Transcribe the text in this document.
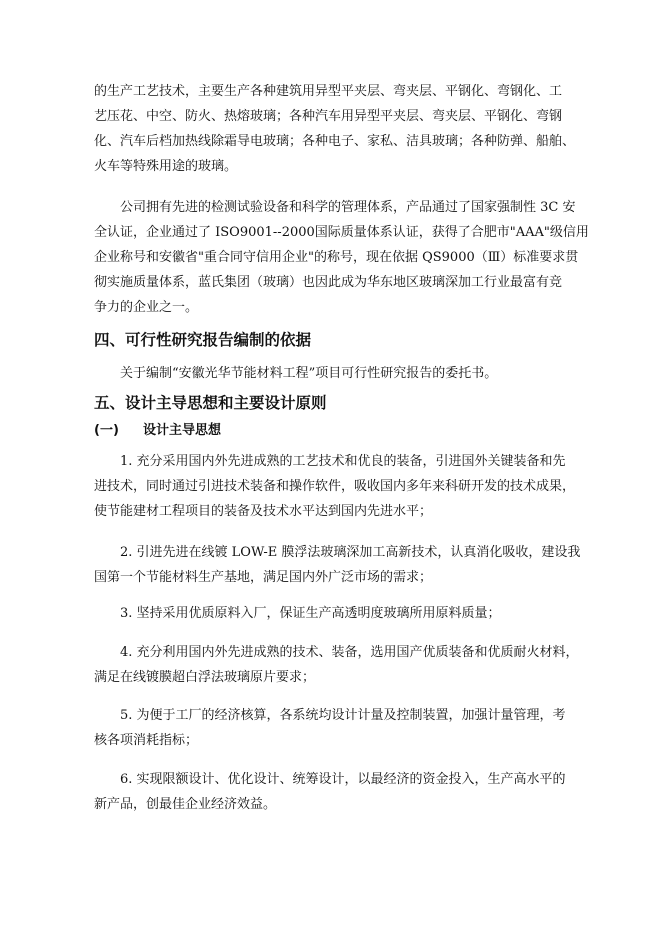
的生产工艺技术，主要生产各种建筑用异型平夹层、弯夹层、平钢化、弯钢化、工
艺压花、中空、防火、热熔玻璃；各种汽车用异型平夹层、弯夹层、平钢化、弯钢
化、汽车后档加热线除霜导电玻璃；各种电子、家私、洁具玻璃；各种防弹、船舶、
火车等特殊用途的玻璃。
公司拥有先进的检测试验设备和科学的管理体系，产品通过了国家强制性 3C 安
全认证，企业通过了 ISO9001--2000国际质量体系认证，获得了合肥市"AAA"级信用
企业称号和安徽省"重合同守信用企业"的称号，现在依据 QS9000（Ⅲ）标准要求贯
彻实施质量体系，蓝氏集团（玻璃）也因此成为华东地区玻璃深加工行业最富有竞
争力的企业之一。
四、可行性研究报告编制的依据
关于编制“安徽光华节能材料工程”项目可行性研究报告的委托书。
五、设计主导思想和主要设计原则
(一) 设计主导思想
1. 充分采用国内外先进成熟的工艺技术和优良的装备，引进国外关键装备和先
进技术，同时通过引进技术装备和操作软件，吸收国内多年来科研开发的技术成果，
使节能建材工程项目的装备及技术水平达到国内先进水平；
2. 引进先进在线镀 LOW-E 膜浮法玻璃深加工高新技术，认真消化吸收，建设我
国第一个节能材料生产基地，满足国内外广泛市场的需求；
3. 坚持采用优质原料入厂，保证生产高透明度玻璃所用原料质量；
4. 充分利用国内外先进成熟的技术、装备，选用国产优质装备和优质耐火材料，
满足在线镀膜超白浮法玻璃原片要求；
5. 为便于工厂的经济核算，各系统均设计计量及控制装置，加强计量管理，考
核各项消耗指标；
6. 实现限额设计、优化设计、统筹设计，以最经济的资金投入，生产高水平的
新产品，创最佳企业经济效益。
